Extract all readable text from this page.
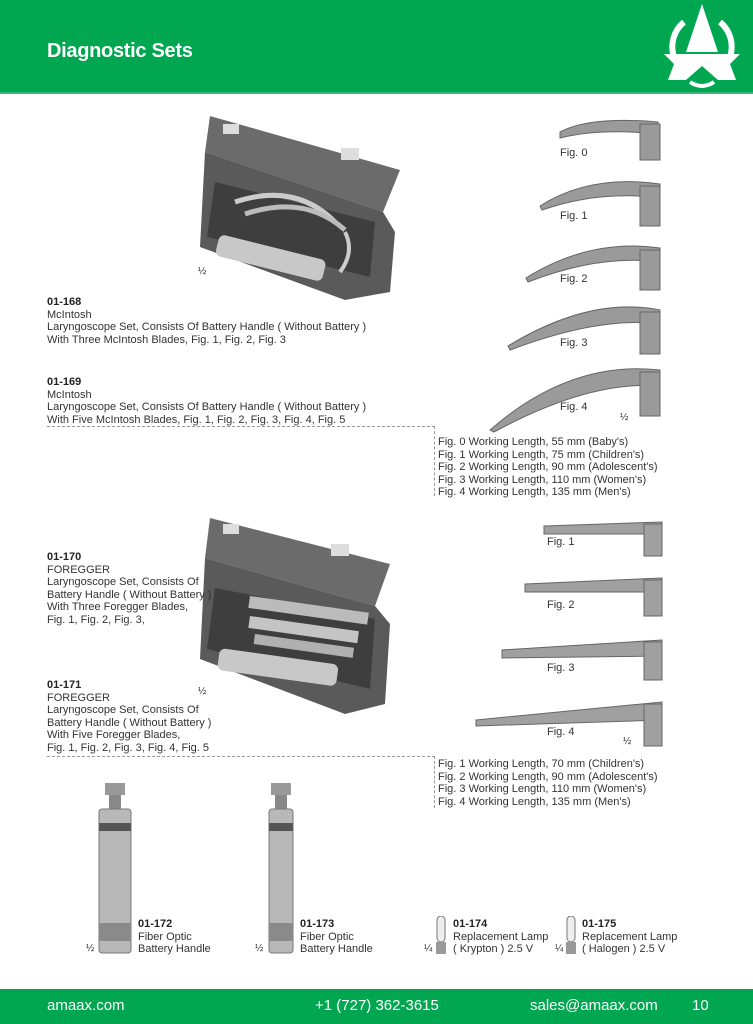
Diagnostic Sets
½
Fig. 0
Fig. 1
Fig. 2
Fig. 3
Fig. 4
½
01-168
McIntosh
Laryngoscope Set, Consists Of Battery Handle ( Without Battery )
With Three McIntosh Blades, Fig. 1, Fig. 2, Fig. 3
01-169
McIntosh
Laryngoscope Set, Consists Of Battery Handle ( Without Battery )
With Five McIntosh Blades, Fig. 1, Fig. 2, Fig. 3, Fig. 4, Fig. 5
Fig. 0 Working Length, 55 mm (Baby's)
Fig. 1 Working Length, 75 mm (Children's)
Fig. 2 Working Length, 90 mm (Adolescent's)
Fig. 3 Working Length, 110 mm (Women's)
Fig. 4 Working Length, 135 mm (Men's)
½
Fig. 1
Fig. 2
Fig. 3
Fig. 4
½
01-170
FOREGGER
Laryngoscope Set, Consists Of
Battery Handle ( Without Battery )
With Three Foregger Blades,
Fig. 1, Fig. 2, Fig. 3,
01-171
FOREGGER
Laryngoscope Set, Consists Of
Battery Handle ( Without Battery )
With Five Foregger Blades,
Fig. 1, Fig. 2, Fig. 3, Fig. 4, Fig. 5
Fig. 1 Working Length, 70 mm (Children's)
Fig. 2 Working Length, 90 mm (Adolescent's)
Fig. 3 Working Length, 110 mm (Women's)
Fig. 4 Working Length, 135 mm (Men's)
½	½	¼	¼
01-172
Fiber Optic
Battery Handle
01-173
Fiber Optic
Battery Handle
01-174
Replacement Lamp
( Krypton ) 2.5 V
01-175
Replacement Lamp
( Halogen ) 2.5 V
amaax.com	+1 (727) 362-3615	sales@amaax.com 10
